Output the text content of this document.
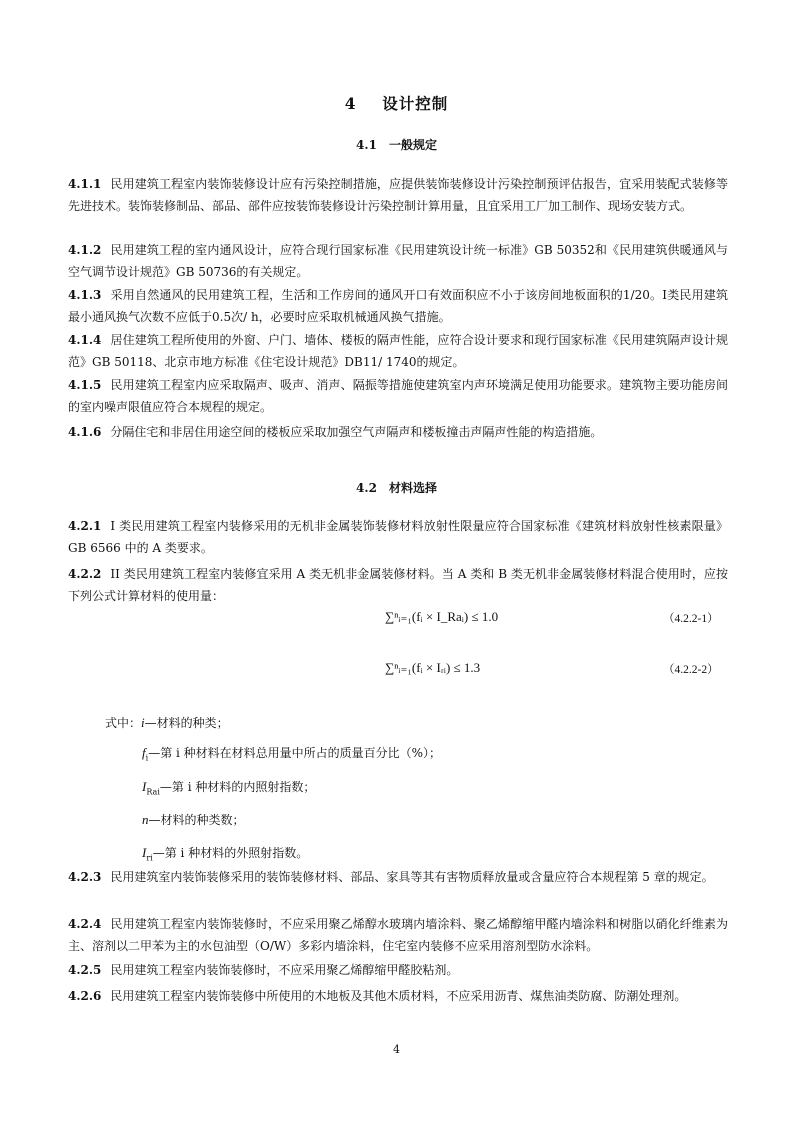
4 设计控制
4.1 一般规定
4.1.1 民用建筑工程室内装饰装修设计应有污染控制措施，应提供装饰装修设计污染控制预评估报告，宜采用装配式装修等先进技术。装饰装修制品、部品、部件应按装饰装修设计污染控制计算用量，且宜采用工厂加工制作、现场安装方式。
4.1.2 民用建筑工程的室内通风设计，应符合现行国家标准《民用建筑设计统一标准》GB 50352和《民用建筑供暖通风与空气调节设计规范》GB 50736的有关规定。
4.1.3 采用自然通风的民用建筑工程，生活和工作房间的通风开口有效面积应不小于该房间地板面积的1/20。I类民用建筑最小通风换气次数不应低于0.5次/ h，必要时应采取机械通风换气措施。
4.1.4 居住建筑工程所使用的外窗、户门、墙体、楼板的隔声性能，应符合设计要求和现行国家标准《民用建筑隔声设计规范》GB 50118、北京市地方标准《住宅设计规范》DB11/ 1740的规定。
4.1.5 民用建筑工程室内应采取隔声、吸声、消声、隔振等措施使建筑室内声环境满足使用功能要求。建筑物主要功能房间的室内噪声限值应符合本规程的规定。
4.1.6 分隔住宅和非居住用途空间的楼板应采取加强空气声隔声和楼板撞击声隔声性能的构造措施。
4.2 材料选择
4.2.1 I 类民用建筑工程室内装修采用的无机非金属装饰装修材料放射性限量应符合国家标准《建筑材料放射性核素限量》GB 6566 中的 A 类要求。
4.2.2 II 类民用建筑工程室内装修宜采用 A 类无机非金属装修材料。当 A 类和 B 类无机非金属装修材料混合使用时，应按下列公式计算材料的使用量：
∑ⁿᵢ₌₁(fᵢ × I_Raᵢ) ≤ 1.0	（4.2.2-1）
∑ⁿᵢ₌₁(fᵢ × Iᵣᵢ) ≤ 1.3	（4.2.2-2）
式中：i—材料的种类；
$f_i—$第 i 种材料在材料总用量中所占的质量百分比（%）；
$I_{Rai}—$第 i 种材料的内照射指数；
n—材料的种类数；
$I_{ri}—$第 i 种材料的外照射指数。
4.2.3 民用建筑室内装饰装修采用的装饰装修材料、部品、家具等其有害物质释放量或含量应符合本规程第 5 章的规定。
4.2.4 民用建筑工程室内装饰装修时，不应采用聚乙烯醇水玻璃内墙涂料、聚乙烯醇缩甲醛内墙涂料和树脂以硝化纤维素为主、溶剂以二甲苯为主的水包油型（O/W）多彩内墙涂料，住宅室内装修不应采用溶剂型防水涂料。
4.2.5 民用建筑工程室内装饰装修时，不应采用聚乙烯醇缩甲醛胶粘剂。
4.2.6 民用建筑工程室内装饰装修中所使用的木地板及其他木质材料，不应采用沥青、煤焦油类防腐、防潮处理剂。
4
